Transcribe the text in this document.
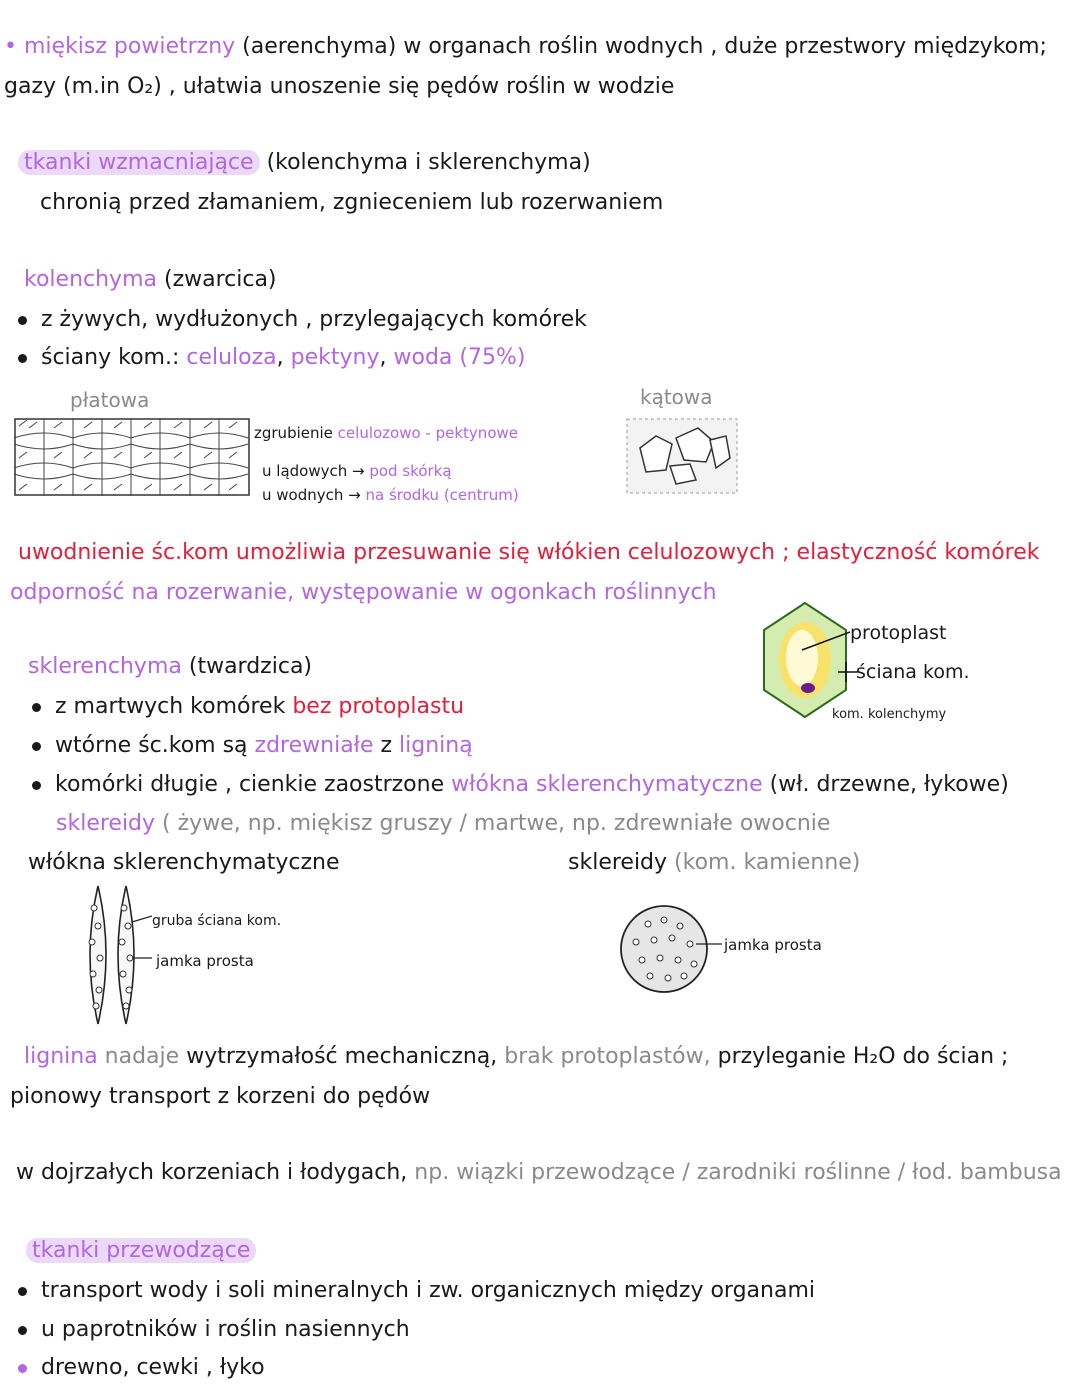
• miękisz powietrzny (aerenchyma) w organach roślin wodnych , duże przestwory międzykom;
gazy (m.in O₂) , ułatwia unoszenie się pędów roślin w wodzie
tkanki wzmacniające (kolenchyma i sklerenchyma)
chronią przed złamaniem, zgnieceniem lub rozerwaniem
kolenchyma (zwarcica)
z żywych, wydłużonych , przylegających komórek
ściany kom.: celuloza, pektyny, woda (75%)
płatowa	kątowa
zgrubienie celulozowo - pektynowe
u lądowych → pod skórką
u wodnych → na środku (centrum)
uwodnienie śc.kom umożliwia przesuwanie się włókien celulozowych ; elastyczność komórek
odporność na rozerwanie, występowanie w ogonkach roślinnych
protoplast
ściana kom.
kom. kolenchymy
sklerenchyma (twardzica)
z martwych komórek bez protoplastu
wtórne śc.kom są zdrewniałe z ligniną
komórki długie , cienkie zaostrzone włókna sklerenchymatyczne (wł. drzewne, łykowe)
sklereidy ( żywe, np. miękisz gruszy / martwe, np. zdrewniałe owocnie
włókna sklerenchymatyczne	sklereidy (kom. kamienne)
gruba ściana kom.
jamka prosta
jamka prosta
lignina nadaje wytrzymałość mechaniczną, brak protoplastów, przyleganie H₂O do ścian ;
pionowy transport z korzeni do pędów
w dojrzałych korzeniach i łodygach, np. wiązki przewodzące / zarodniki roślinne / łod. bambusa
tkanki przewodzące
transport wody i soli mineralnych i zw. organicznych między organami
u paprotników i roślin nasiennych
drewno, cewki , łyko
